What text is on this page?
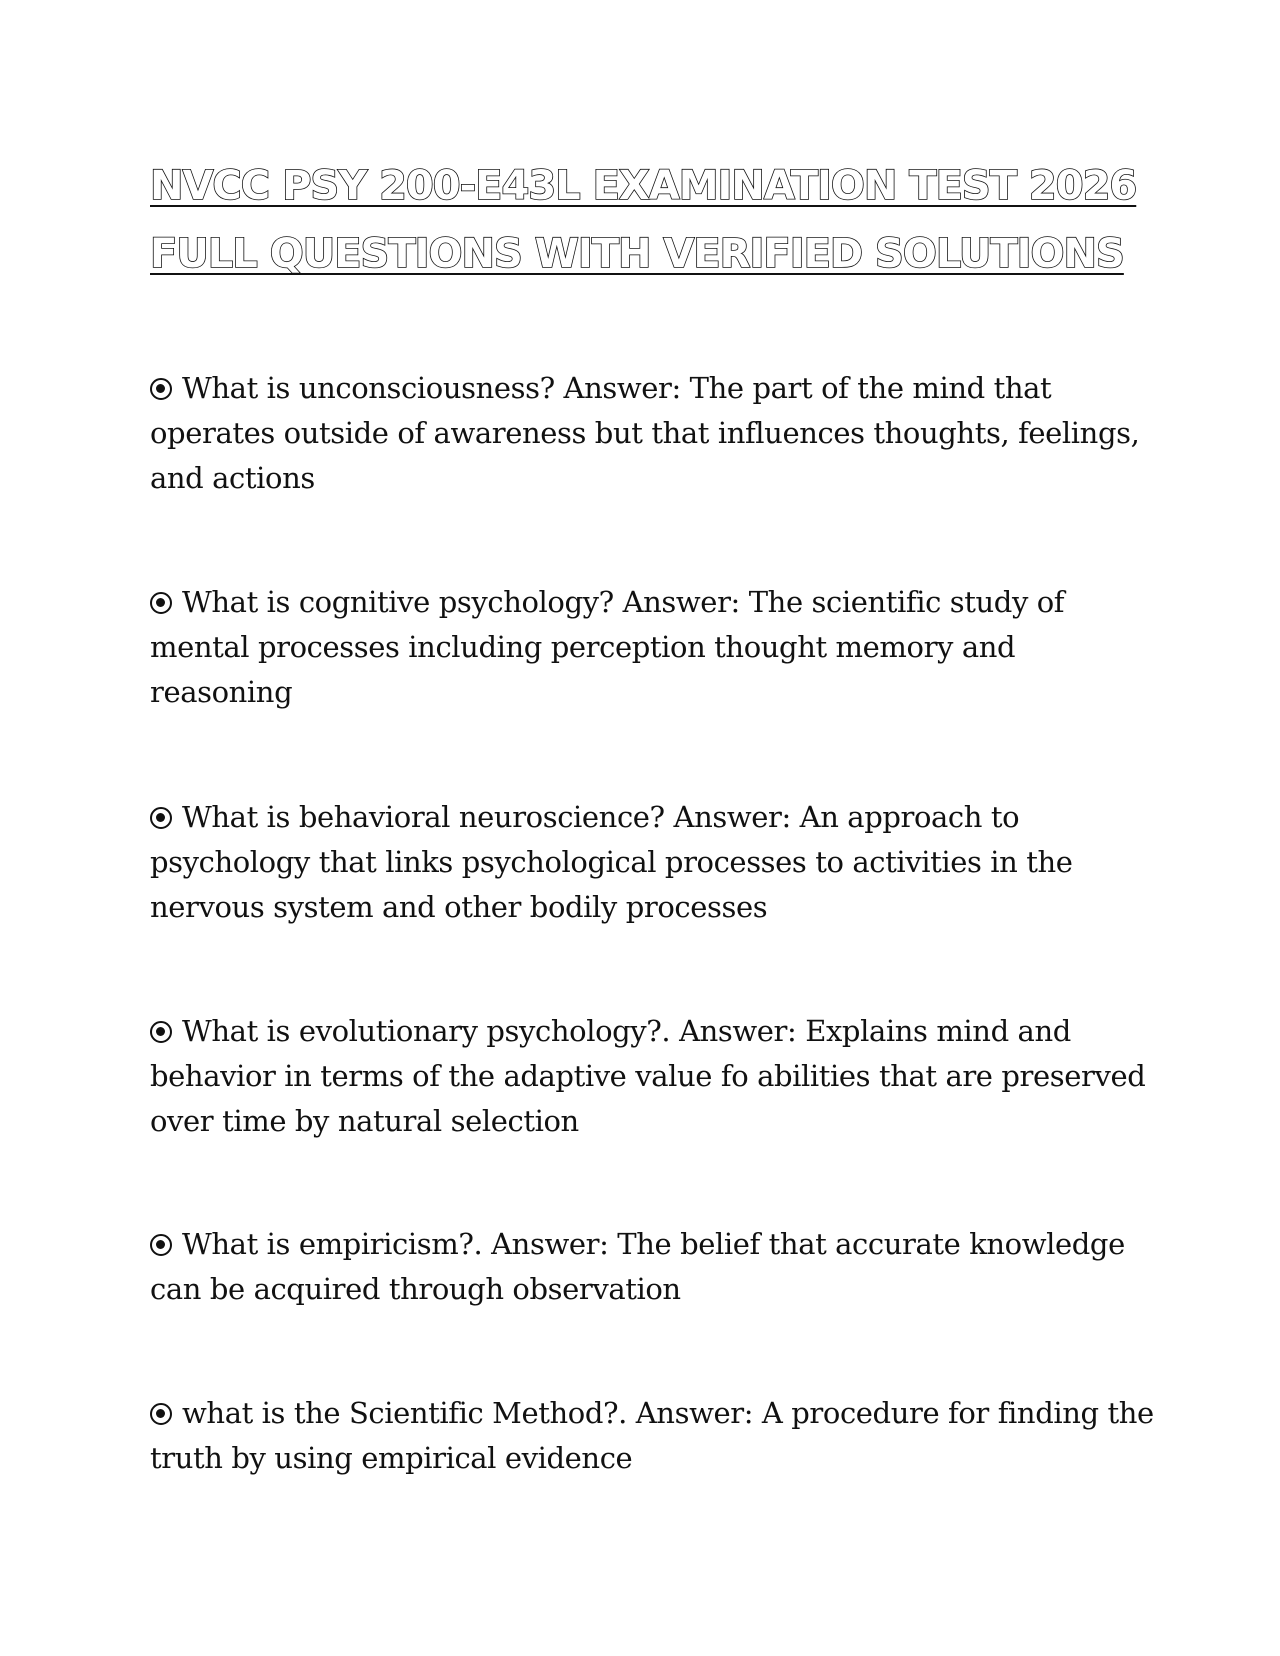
NVCC PSY 200-E43L EXAMINATION TEST 2026
FULL QUESTIONS WITH VERIFIED SOLUTIONS

What is unconsciousness? Answer: The part of the mind that operates outside of awareness but that influences thoughts, feelings, and actions

What is cognitive psychology? Answer: The scientific study of mental processes including perception thought memory and reasoning

What is behavioral neuroscience? Answer: An approach to psychology that links psychological processes to activities in the nervous system and other bodily processes

What is evolutionary psychology?. Answer: Explains mind and behavior in terms of the adaptive value fo abilities that are preserved over time by natural selection

What is empiricism?. Answer: The belief that accurate knowledge can be acquired through observation

what is the Scientific Method?. Answer: A procedure for finding the truth by using empirical evidence
